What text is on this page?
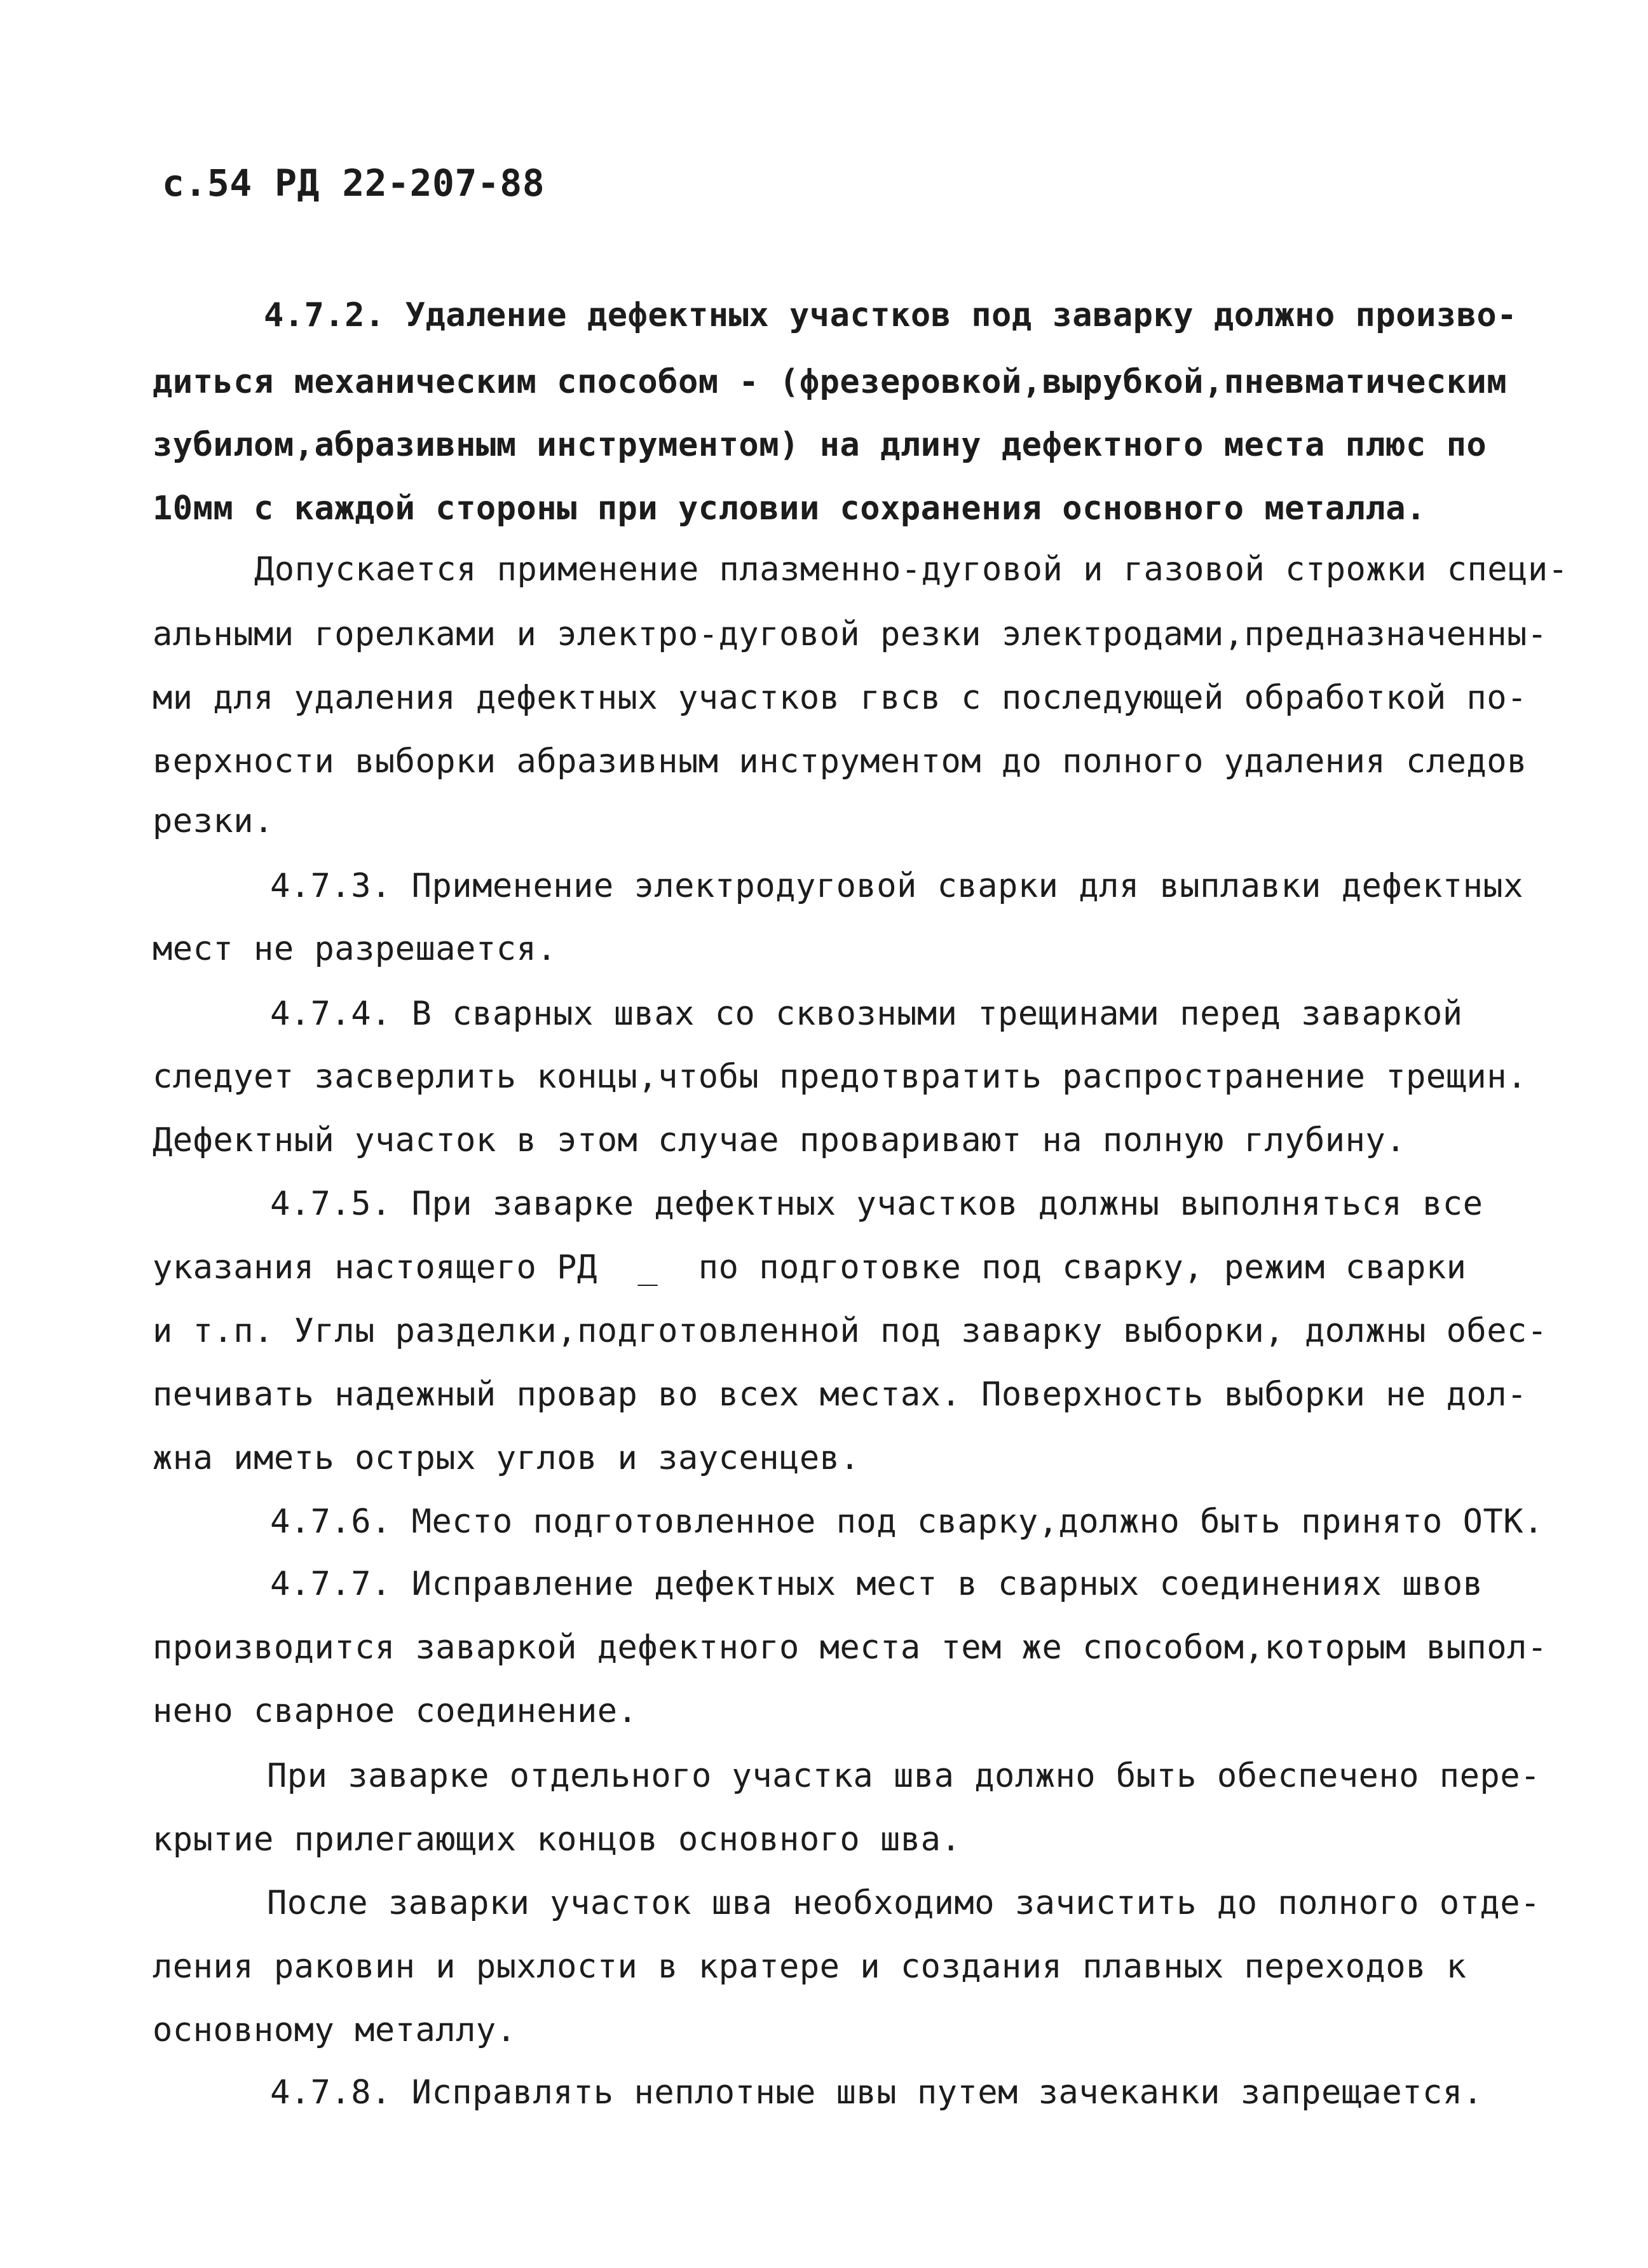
с.54 РД 22-207-88
4.7.2. Удаление дефектных участков под заварку должно произво-
диться механическим способом - (фрезеровкой,вырубкой,пневматическим
зубилом,абразивным инструментом) на длину дефектного места плюс по
10мм с каждой стороны при условии сохранения основного металла.
Допускается применение плазменно-дуговой и газовой строжки специ-
альными горелками и электро-дуговой резки электродами,предназначенны-
ми для удаления дефектных участков гвсв с последующей обработкой по-
верхности выборки абразивным инструментом до полного удаления следов
резки.
4.7.3. Применение электродуговой сварки для выплавки дефектных
мест не разрешается.
4.7.4. В сварных швах со сквозными трещинами перед заваркой
следует засверлить концы,чтобы предотвратить распространение трещин.
Дефектный участок в этом случае проваривают на полную глубину.
4.7.5. При заварке дефектных участков должны выполняться все
указания настоящего РД  _  по подготовке под сварку, режим сварки
и т.п. Углы разделки,подготовленной под заварку выборки, должны обес-
печивать надежный провар во всех местах. Поверхность выборки не дол-
жна иметь острых углов и заусенцев.
4.7.6. Место подготовленное под сварку,должно быть принято ОТК.
4.7.7. Исправление дефектных мест в сварных соединениях швов
производится заваркой дефектного места тем же способом,которым выпол-
нено сварное соединение.
При заварке отдельного участка шва должно быть обеспечено пере-
крытие прилегающих концов основного шва.
После заварки участок шва необходимо зачистить до полного отде-
ления раковин и рыхлости в кратере и создания плавных переходов к
основному металлу.
4.7.8. Исправлять неплотные швы путем зачеканки запрещается.
